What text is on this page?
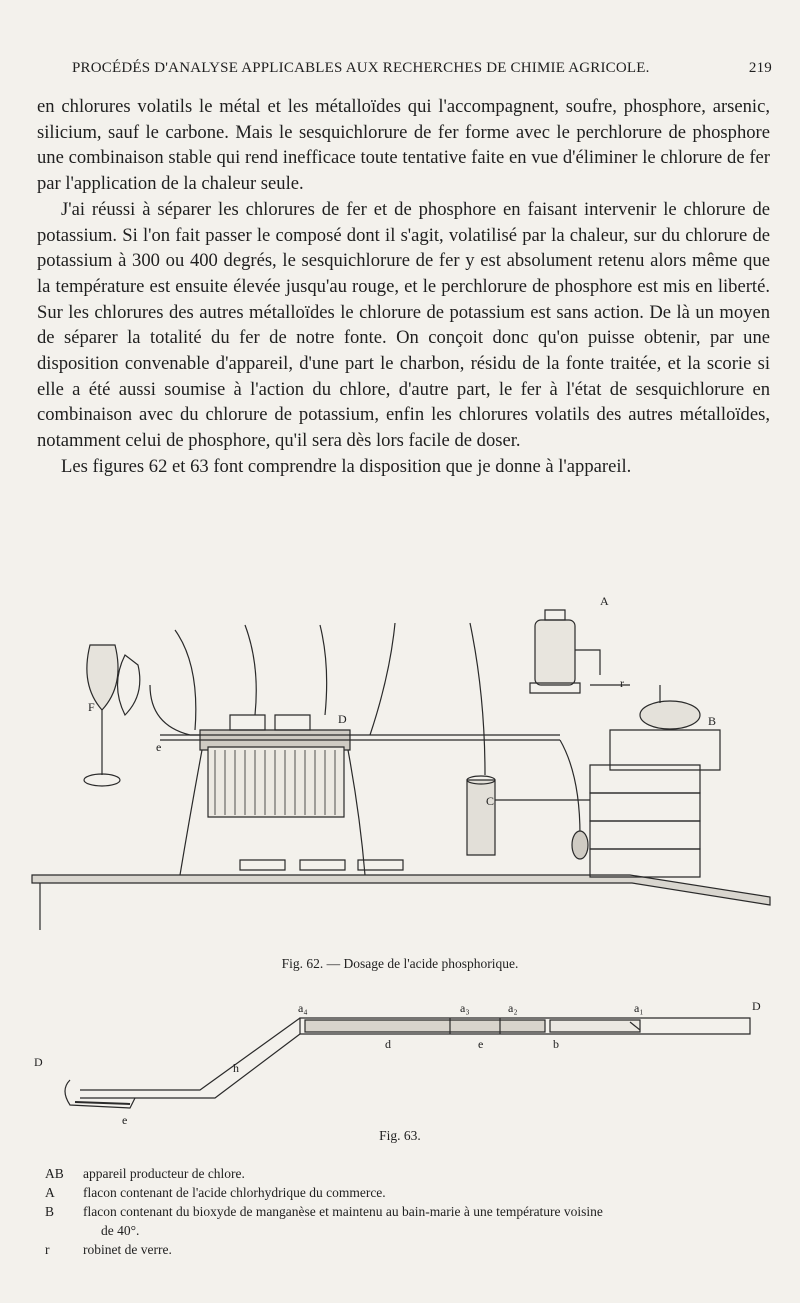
PROCÉDÉS D'ANALYSE APPLICABLES AUX RECHERCHES DE CHIMIE AGRICOLE.	219

en chlorures volatils le métal et les métalloïdes qui l'accompagnent, soufre, phosphore, arsenic, silicium, sauf le carbone. Mais le sesquichlorure de fer forme avec le perchlorure de phosphore une combinaison stable qui rend inefficace toute tentative faite en vue d'éliminer le chlorure de fer par l'application de la chaleur seule.

J'ai réussi à séparer les chlorures de fer et de phosphore en faisant intervenir le chlorure de potassium. Si l'on fait passer le composé dont il s'agit, volatilisé par la chaleur, sur du chlorure de potassium à 300 ou 400 degrés, le sesquichlorure de fer y est absolument retenu alors même que la température est ensuite élevée jusqu'au rouge, et le perchlorure de phosphore est mis en liberté. Sur les chlorures des autres métalloïdes le chlorure de potassium est sans action. De là un moyen de séparer la totalité du fer de notre fonte. On conçoit donc qu'on puisse obtenir, par une disposition convenable d'appareil, d'une part le charbon, résidu de la fonte traitée, et la scorie si elle a été aussi soumise à l'action du chlore, d'autre part, le fer à l'état de sesquichlorure en combinaison avec du chlorure de potassium, enfin les chlorures volatils des autres métalloïdes, notamment celui de phosphore, qu'il sera dès lors facile de doser.

Les figures 62 et 63 font comprendre la disposition que je donne à l'appareil.

A
B
C
D
e
F
r
Fig. 62. — Dosage de l'acide phosphorique.
a₄	a₃	a₂	a₁	D
D
d	e	b
h
e
Fig. 63.
AB	appareil producteur de chlore.
A	flacon contenant de l'acide chlorhydrique du commerce.
B	flacon contenant du bioxyde de manganèse et maintenu au bain-marie à une température voisine
de 40°.
r	robinet de verre.
